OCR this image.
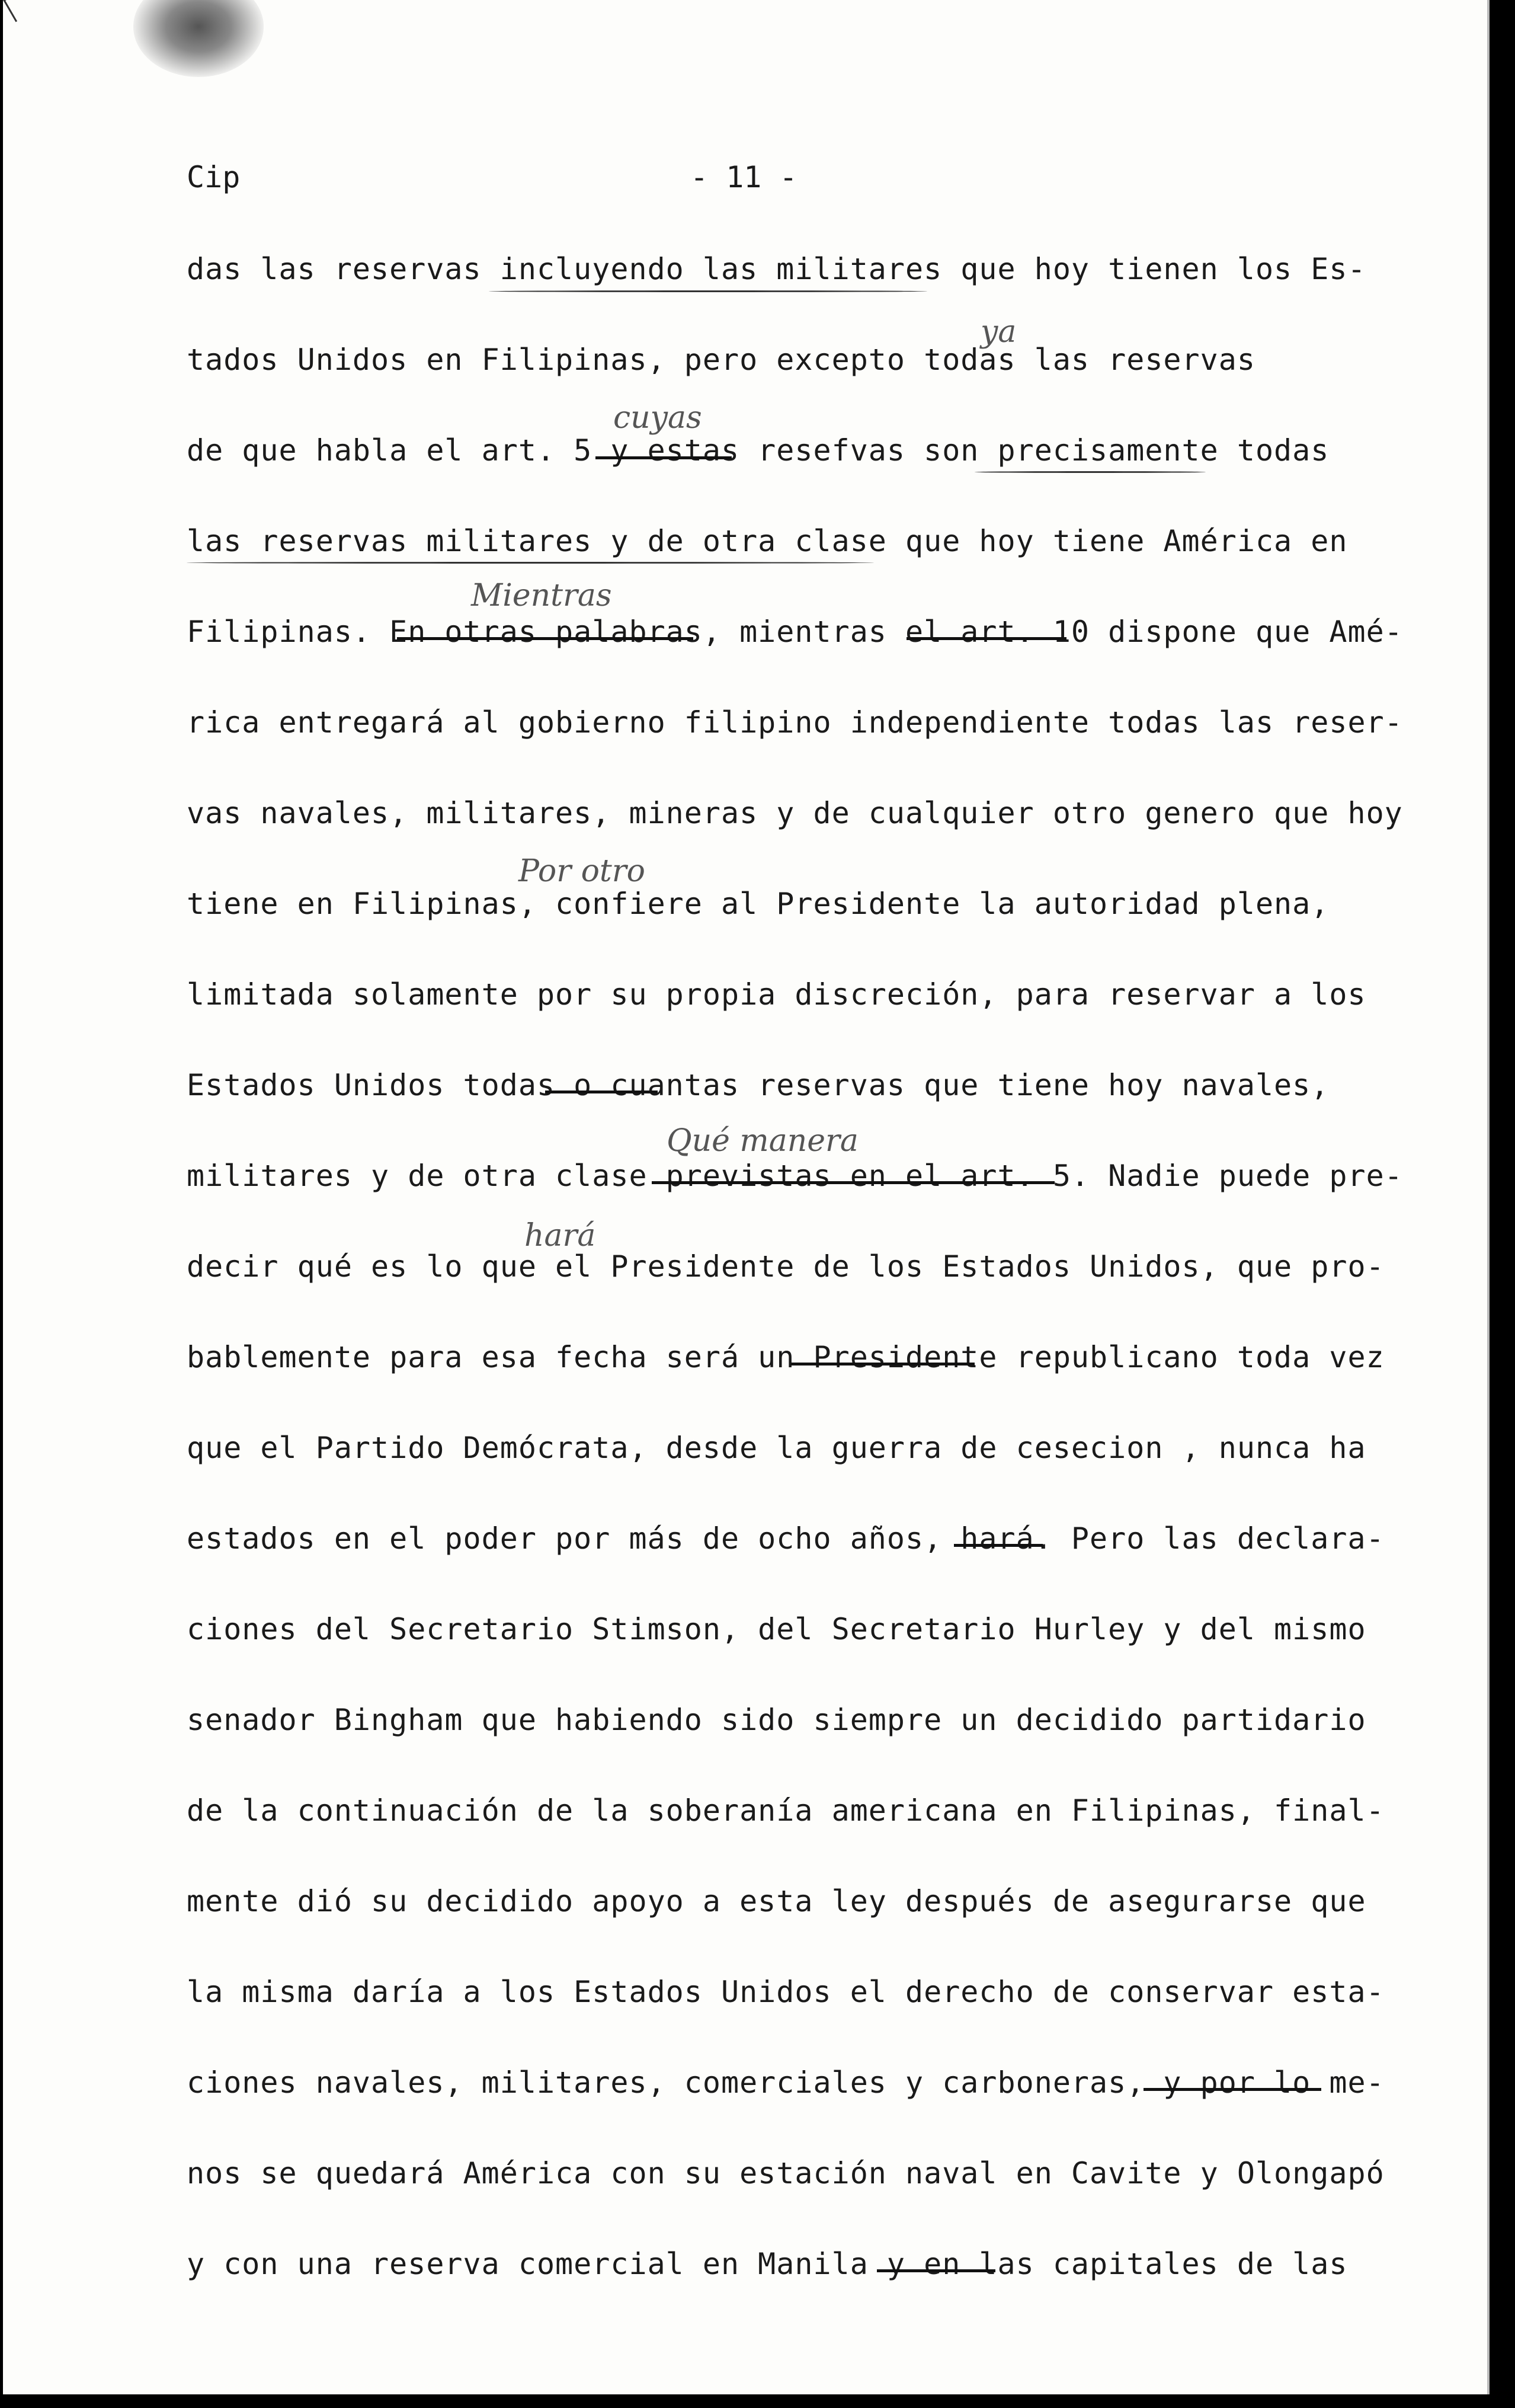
Cip	- 11 -
das las reservas incluyendo las militares que hoy tienen los Es-
tados Unidos en Filipinas, pero excepto todas las reservas
de que habla el art. 5 y estas resefvas son precisamente todas
las reservas militares y de otra clase que hoy tiene América en
Filipinas. En otras palabras, mientras el art. 10 dispone que Amé-
rica entregará al gobierno filipino independiente todas las reser-
vas navales, militares, mineras y de cualquier otro genero que hoy
tiene en Filipinas, confiere al Presidente la autoridad plena,
limitada solamente por su propia discreción, para reservar a los
Estados Unidos todas o cuantas reservas que tiene hoy navales,
militares y de otra clase previstas en el art. 5. Nadie puede pre-
decir qué es lo que el Presidente de los Estados Unidos, que pro-
bablemente para esa fecha será un Presidente republicano toda vez
que el Partido Demócrata, desde la guerra de cesecion , nunca ha
estados en el poder por más de ocho años, hará. Pero las declara-
ciones del Secretario Stimson, del Secretario Hurley y del mismo
senador Bingham que habiendo sido siempre un decidido partidario
de la continuación de la soberanía americana en Filipinas, final-
mente dió su decidido apoyo a esta ley después de asegurarse que
la misma daría a los Estados Unidos el derecho de conservar esta-
ciones navales, militares, comerciales y carboneras, y por lo me-
nos se quedará América con su estación naval en Cavite y Olongapó
y con una reserva comercial en Manila y en las capitales de las
cuyas
ya
Mientras
Por otro
Qué manera
hará
